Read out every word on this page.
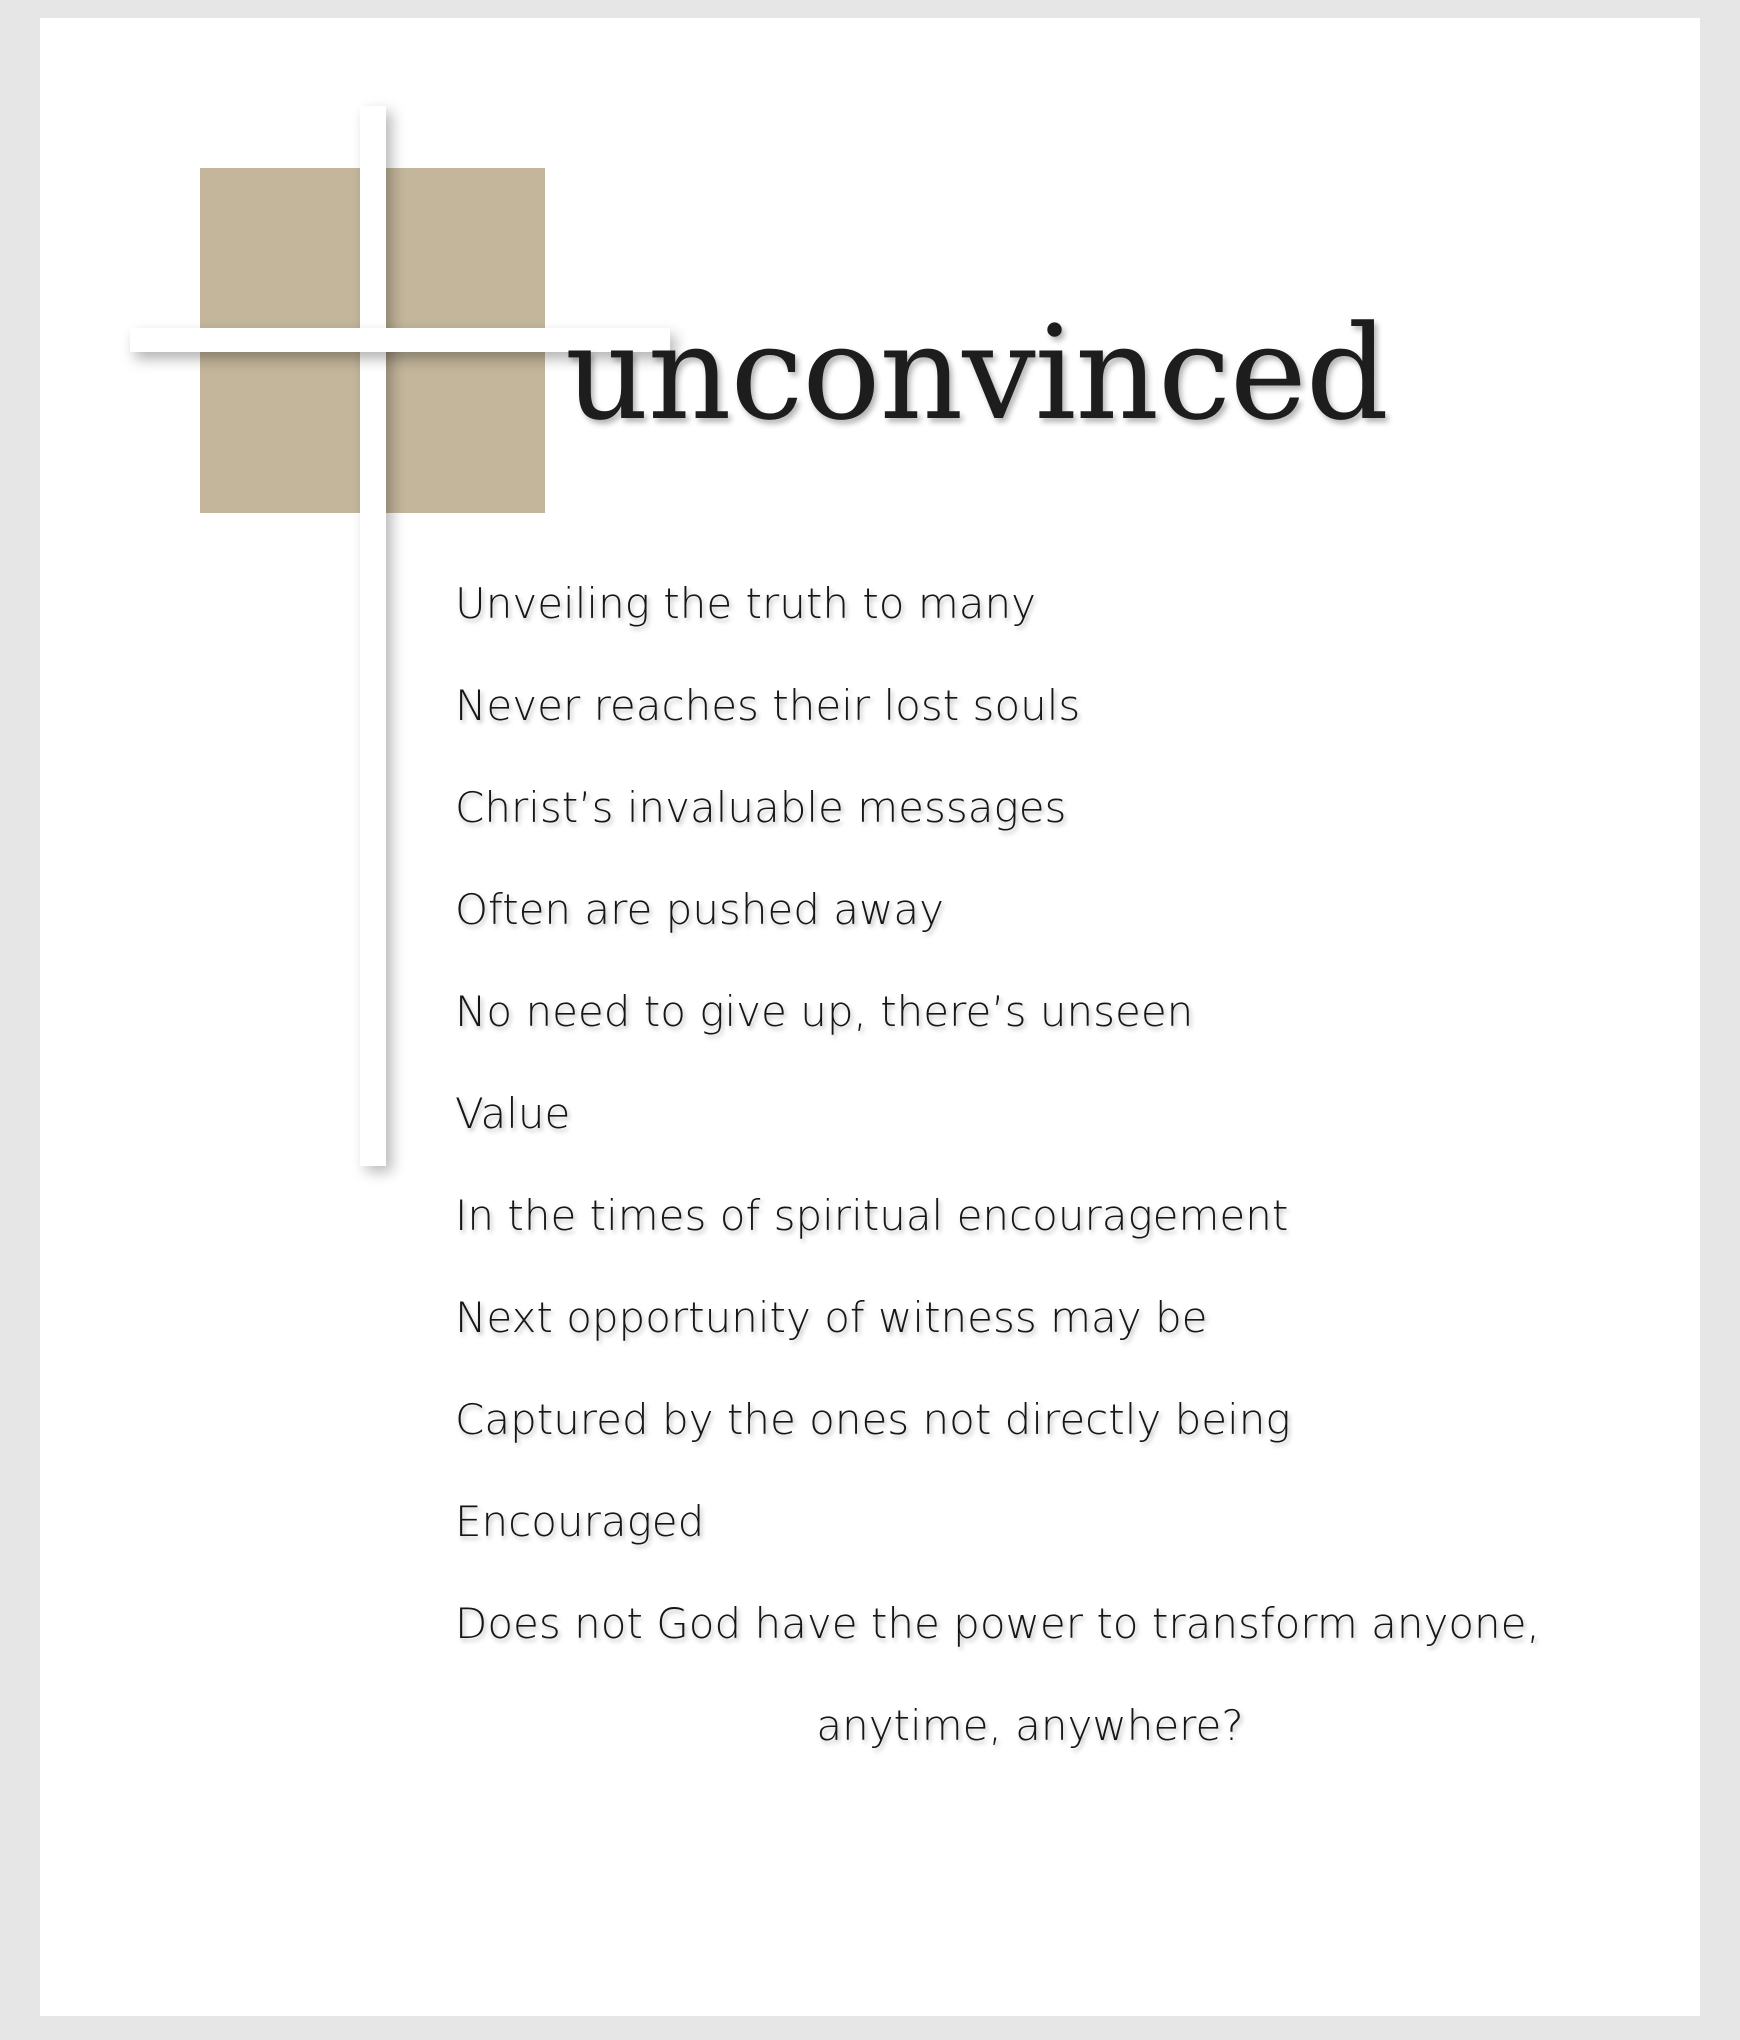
unconvinced
Unveiling the truth to many
Never reaches their lost souls
Christ’s invaluable messages
Often are pushed away
No need to give up, there’s unseen
Value
In the times of spiritual encouragement
Next opportunity of witness may be
Captured by the ones not directly being
Encouraged
Does not God have the power to transform anyone,
anytime, anywhere?
